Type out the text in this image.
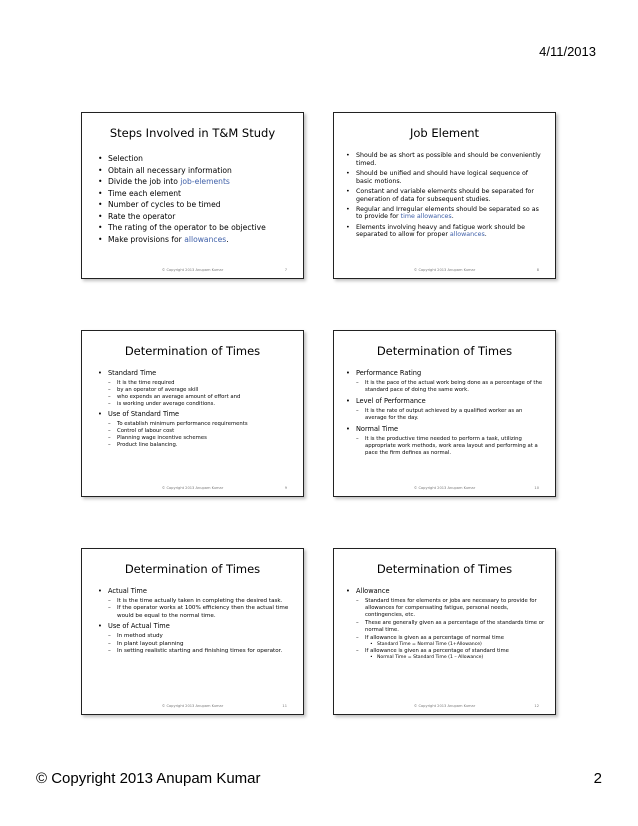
4/11/2013
Steps Involved in T&M Study
• Selection
• Obtain all necessary information
• Divide the job into job-elements
• Time each element
• Number of cycles to be timed
• Rate the operator
• The rating of the operator to be objective
• Make provisions for allowances.
© Copyright 2013 Anupam Kumar	7
Job Element
• Should be as short as possible and should be conveniently timed.
• Should be unified and should have logical sequence of basic motions.
• Constant and variable elements should be separated for generation of data for subsequent studies.
• Regular and Irregular elements should be separated so as to provide for time allowances.
• Elements involving heavy and fatigue work should be separated to allow for proper allowances.
© Copyright 2013 Anupam Kumar	8
Determination of Times
• Standard Time
–	It is the time required
–	by an operator of average skill
–	who expends an average amount of effort and
–	is working under average conditions.
• Use of Standard Time
–	To establish minimum performance requirements
–	Control of labour cost
–	Planning wage incentive schemes
–	Product line balancing.
© Copyright 2013 Anupam Kumar	9
Determination of Times
• Performance Rating
–	It is the pace of the actual work being done as a percentage of the standard pace of doing the same work.
• Level of Performance
–	It is the rate of output achieved by a qualified worker as an average for the day.
• Normal Time
–	It is the productive time needed to perform a task, utilizing appropriate work methods, work area layout and performing at a pace the firm defines as normal.
© Copyright 2013 Anupam Kumar	10
Determination of Times
• Actual Time
–	It is the time actually taken in completing the desired task.
–	If the operator works at 100% efficiency then the actual time would be equal to the normal time.
• Use of Actual Time
–	In method study
–	In plant layout planning
–	In setting realistic starting and finishing times for operator.
© Copyright 2013 Anupam Kumar	11
Determination of Times
• Allowance
–	Standard times for elements or jobs are necessary to provide for allowances for compensating fatigue, personal needs, contingencies, etc.
–	These are generally given as a percentage of the standards time or normal time.
–	If allowance is given as a percentage of normal time
• Standard Time = Normal Time (1+Allowance)
–	If allowance is given as a percentage of standard time
• Normal Time = Standard Time (1 – Allowance)
© Copyright 2013 Anupam Kumar	12
© Copyright 2013 Anupam Kumar	2
